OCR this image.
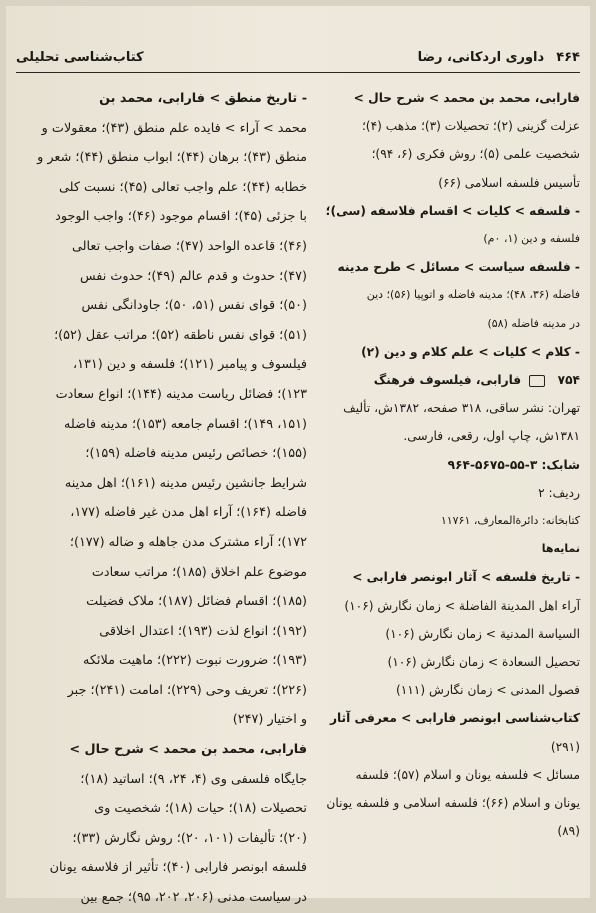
۴۶۴
داوری اردکانی، رضا
کتاب‌شناسی تحلیلی

فارابی، محمد بن محمد > شرح حال >

عزلت گزینی (۲)؛ تحصیلات (۳)؛ مذهب (۴)؛

شخصیت علمی (۵)؛ روش فکری (۶، ۹۴)؛

تأسیس فلسفه اسلامی (۶۶)

- فلسفه > کلیات > اقسام فلاسفه (سی)؛

فلسفه و دین (۱، ۰م)

- فلسفه سیاست > مسائل > طرح مدینه

فاضله (۳۶، ۴۸)؛ مدینه فاضله و اتوپیا (۵۶)؛ دین

در مدینه فاضله (۵۸)

- کلام > کلیات > علم کلام و دین (۲)

۷۵۴  فارابی، فیلسوف فرهنگ

تهران: نشر ساقی، ۳۱۸ صفحه، ۱۳۸۲ش، تألیف

۱۳۸۱ش، چاپ اول، رقعی، فارسی.

شابک: ۳-۵۵-۵۶۷۵-۹۶۴

ردیف: ۲

کتابخانه: دائرة‌المعارف، ۱۱۷۶۱

نمایه‌ها

- تاریخ فلسفه > آثار ابونصر فارابی >

آراء اهل المدینة الفاضلة > زمان نگارش (۱۰۶)

السیاسة المدنیة > زمان نگارش (۱۰۶)

تحصیل السعادة > زمان نگارش (۱۰۶)

فصول المدنی > زمان نگارش (۱۱۱)

کتاب‌شناسی ابونصر فارابی > معرفی آثار

(۲۹۱)

مسائل > فلسفه یونان و اسلام (۵۷)؛ فلسفه

یونان و اسلام (۶۶)؛ فلسفه اسلامی و فلسفه یونان

(۸۹)

- تاریخ منطق > فارابی، محمد بن

محمد > آراء > فایده علم منطق (۴۳)؛ معقولات و

منطق (۴۳)؛ برهان (۴۴)؛ ابواب منطق (۴۴)؛ شعر و

خطابه (۴۴)؛ علم واجب تعالی (۴۵)؛ نسبت کلی

با جزئی (۴۵)؛ اقسام موجود (۴۶)؛ واجب الوجود

(۴۶)؛ قاعده الواحد (۴۷)؛ صفات واجب تعالی

(۴۷)؛ حدوث و قدم عالم (۴۹)؛ حدوث نفس

(۵۰)؛ قوای نفس (۵۱، ۵۰)؛ جاودانگی نفس

(۵۱)؛ قوای نفس ناطقه (۵۲)؛ مراتب عقل (۵۲)؛

فیلسوف و پیامبر (۱۲۱)؛ فلسفه و دین (۱۳۱،

۱۲۳)؛ فضائل ریاست مدینه (۱۴۴)؛ انواع سعادت

(۱۵۱، ۱۴۹)؛ اقسام جامعه (۱۵۳)؛ مدینه فاضله

(۱۵۵)؛ خصائص رئیس مدینه فاضله (۱۵۹)؛

شرایط جانشین رئیس مدینه (۱۶۱)؛ اهل مدینه

فاضله (۱۶۴)؛ آراء اهل مدن غیر فاضله (۱۷۷،

۱۷۲)؛ آراء مشترک مدن جاهله و ضاله (۱۷۷)؛

موضوع علم اخلاق (۱۸۵)؛ مراتب سعادت

(۱۸۵)؛ اقسام فضائل (۱۸۷)؛ ملاک فضیلت

(۱۹۲)؛ انواع لذت (۱۹۳)؛ اعتدال اخلاقی

(۱۹۳)؛ ضرورت نبوت (۲۲۲)؛ ماهیت ملائکه

(۲۲۶)؛ تعریف وحی (۲۲۹)؛ امامت (۲۴۱)؛ جبر

و اختیار (۲۴۷)

فارابی، محمد بن محمد > شرح حال >

جایگاه فلسفی وی (۴، ۲۴، ۹)؛ اساتید (۱۸)؛

تحصیلات (۱۸)؛ حیات (۱۸)؛ شخصیت وی

(۲۰)؛ تألیفات (۱۰۱، ۲۰)؛ روش نگارش (۳۳)؛

فلسفه ابونصر فارابی (۴۰)؛ تأثیر از فلاسفه یونان

در سیاست مدنی (۲۰۶، ۲۰۲، ۹۵)؛ جمع بین
